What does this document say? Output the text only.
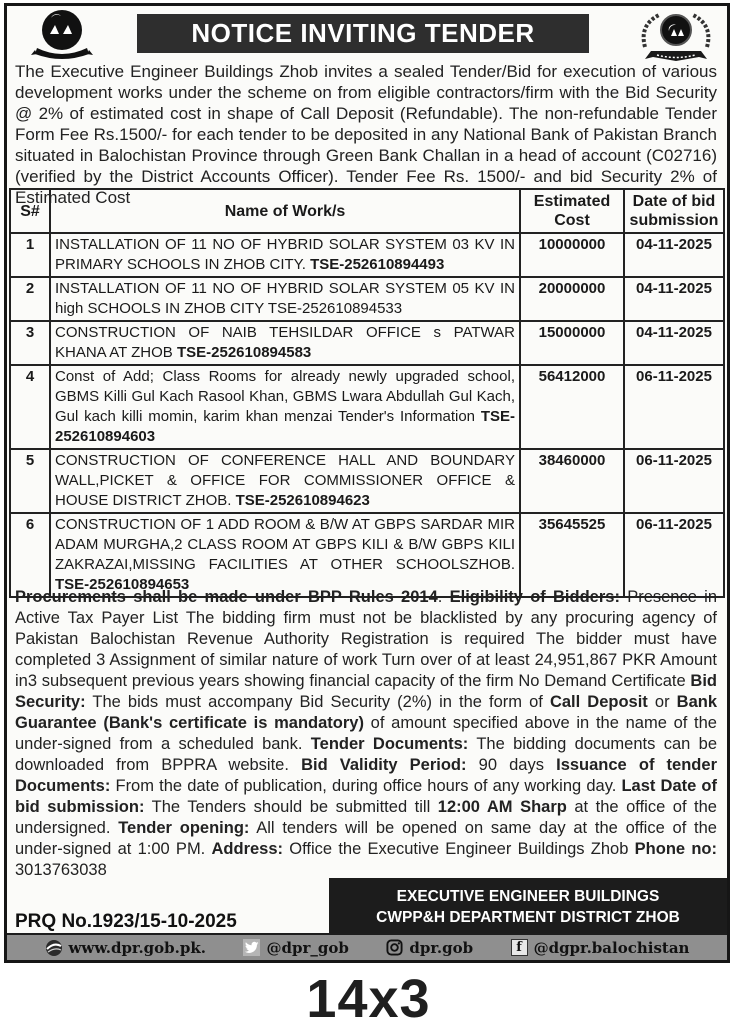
NOTICE INVITING TENDER

The Executive Engineer Buildings Zhob invites a sealed Tender/Bid for execution of various development works under the scheme on from eligible contractors/firm with the Bid Security @ 2% of estimated cost in shape of Call Deposit (Refundable). The non-refundable Tender Form Fee Rs.1500/- for each tender to be deposited in any National Bank of Pakistan Branch situated in Balochistan Province through Green Bank Challan in a head of account (C02716) (verified by the District Accounts Officer). Tender Fee Rs. 1500/- and bid Security 2% of Estimated Cost

S#	Name of Work/s	Estimated Cost	Date of bid submission
1	INSTALLATION OF 11 NO OF HYBRID SOLAR SYSTEM 03 KV IN PRIMARY SCHOOLS IN ZHOB CITY. TSE-252610894493	10000000	04-11-2025
2	INSTALLATION OF 11 NO OF HYBRID SOLAR SYSTEM 05 KV IN high SCHOOLS IN ZHOB CITY TSE-252610894533	20000000	04-11-2025
3	CONSTRUCTION OF NAIB TEHSILDAR OFFICE s PATWAR KHANA AT ZHOB TSE-252610894583	15000000	04-11-2025
4	Const of Add; Class Rooms for already newly upgraded school, GBMS Killi Gul Kach Rasool Khan, GBMS Lwara Abdullah Gul Kach, Gul kach killi momin, karim khan menzai Tender's Information TSE-252610894603	56412000	06-11-2025
5	CONSTRUCTION OF CONFERENCE HALL AND BOUNDARY WALL,PICKET & OFFICE FOR COMMISSIONER OFFICE & HOUSE DISTRICT ZHOB. TSE-252610894623	38460000	06-11-2025
6	CONSTRUCTION OF 1 ADD ROOM & B/W AT GBPS SARDAR MIR ADAM MURGHA,2 CLASS ROOM AT GBPS KILI & B/W GBPS KILI ZAKRAZAI,MISSING FACILITIES AT OTHER SCHOOLSZHOB. TSE-252610894653	35645525	06-11-2025

Procurements shall be made under BPP Rules 2014. Eligibility of Bidders: Presence in Active Tax Payer List The bidding firm must not be blacklisted by any procuring agency of Pakistan Balochistan Revenue Authority Registration is required The bidder must have completed 3 Assignment of similar nature of work Turn over of at least 24,951,867 PKR Amount in3 subsequent previous years showing financial capacity of the firm No Demand Certificate Bid Security: The bids must accompany Bid Security (2%) in the form of Call Deposit or Bank Guarantee (Bank's certificate is mandatory) of amount specified above in the name of the under-signed from a scheduled bank. Tender Documents: The bidding documents can be downloaded from BPPRA website. Bid Validity Period: 90 days Issuance of tender Documents: From the date of publication, during office hours of any working day. Last Date of bid submission: The Tenders should be submitted till 12:00 AM Sharp at the office of the undersigned. Tender opening: All tenders will be opened on same day at the office of the under-signed at 1:00 PM. Address: Office the Executive Engineer Buildings Zhob Phone no: 3013763038

PRQ No.1923/15-10-2025
EXECUTIVE ENGINEER BUILDINGS
CWPP&H DEPARTMENT DISTRICT ZHOB
www.dpr.gob.pk.	@dpr_gob	dpr.gob	f @dgpr.balochistan
14x3
